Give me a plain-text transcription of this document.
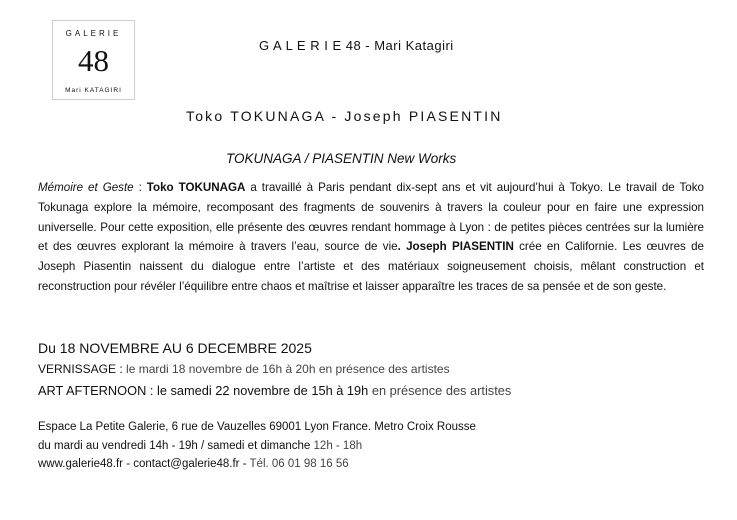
GALERIE
48
Mari KATAGIRI
G A L E R I E 48 - Mari Katagiri
Toko TOKUNAGA - Joseph PIASENTIN
TOKUNAGA / PIASENTIN New Works

Mémoire et Geste : Toko TOKUNAGA a travaillé à Paris pendant dix-sept ans et vit aujourd’hui à Tokyo. Le travail de Toko Tokunaga explore la mémoire, recomposant des fragments de souvenirs à travers la couleur pour en faire une expression universelle. Pour cette exposition, elle présente des œuvres rendant hommage à Lyon : de petites pièces centrées sur la lumière et des œuvres explorant la mémoire à travers l’eau, source de vie. Joseph PIASENTIN crée en Californie. Les œuvres de Joseph Piasentin naissent du dialogue entre l’artiste et des matériaux soigneusement choisis, mêlant construction et reconstruction pour révéler l’équilibre entre chaos et maîtrise et laisser apparaître les traces de sa pensée et de son geste.

Du 18 NOVEMBRE AU 6 DECEMBRE 2025
VERNISSAGE : le mardi 18 novembre de 16h à 20h en présence des artistes
ART AFTERNOON : le samedi 22 novembre de 15h à 19h en présence des artistes
Espace La Petite Galerie, 6 rue de Vauzelles 69001 Lyon France. Metro Croix Rousse
du mardi au vendredi 14h - 19h / samedi et dimanche 12h - 18h
www.galerie48.fr - contact@galerie48.fr - Tél. 06 01 98 16 56
